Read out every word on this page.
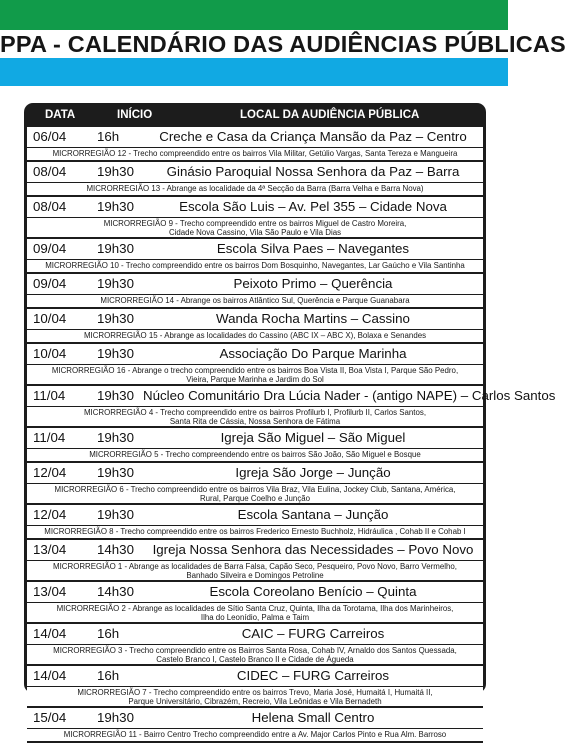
PPA - CALENDÁRIO DAS AUDIÊNCIAS PÚBLICAS
DATA	INÍCIO	LOCAL DA AUDIÊNCIA PÚBLICA
06/04	16h	Creche e Casa da Criança Mansão da Paz – Centro
MICRORREGIÃO 12 - Trecho compreendido entre os bairros Vila Militar, Getúlio Vargas, Santa Tereza e Mangueira
08/04	19h30	Ginásio Paroquial Nossa Senhora da Paz – Barra
MICRORREGIÃO 13 - Abrange as localidade da 4ª Secção da Barra (Barra Velha e Barra Nova)
08/04	19h30	Escola São Luis – Av. Pel 355 – Cidade Nova
MICRORREGIÃO 9 - Trecho compreendido entre os bairros Miguel de Castro Moreira,
Cidade Nova Cassino, Vila São Paulo e Vila Dias
09/04	19h30	Escola Silva Paes – Navegantes
MICRORREGIÃO 10 - Trecho compreendido entre os bairros Dom Bosquinho, Navegantes, Lar Gaúcho e Vila Santinha
09/04	19h30	Peixoto Primo – Querência
MICRORREGIÃO 14 - Abrange os bairros Atlântico Sul, Querência e Parque Guanabara
10/04	19h30	Wanda Rocha Martins – Cassino
MICRORREGIÃO 15 - Abrange as localidades do Cassino (ABC IX – ABC X), Bolaxa e Senandes
10/04	19h30	Associação Do Parque Marinha
MICRORREGIÃO 16 - Abrange o trecho compreendido entre os bairros Boa Vista II, Boa Vista I, Parque São Pedro,
Vieira, Parque Marinha e Jardim do Sol
11/04	19h30 Núcleo Comunitário Dra Lúcia Nader - (antigo NAPE) – Carlos Santos
MICRORREGIÃO 4 - Trecho compreendido entre os bairros Profilurb I, Profilurb II, Carlos Santos,
Santa Rita de Cássia, Nossa Senhora de Fátima
11/04	19h30	Igreja São Miguel – São Miguel
MICRORREGIÃO 5 - Trecho compreendendo entre os bairros São João, São Miguel e Bosque
12/04	19h30	Igreja São Jorge – Junção
MICRORREGIÃO 6 - Trecho compreendido entre os bairros Vila Braz, Vila Eulina, Jockey Club, Santana, América,
Rural, Parque Coelho e Junção
12/04	19h30	Escola Santana – Junção
MICRORREGIÃO 8 - Trecho compreendido entre os bairros Frederico Ernesto Buchholz, Hidráulica , Cohab II e Cohab I
13/04	14h30	Igreja Nossa Senhora das Necessidades – Povo Novo
MICRORREGIÃO 1 - Abrange as localidades de Barra Falsa, Capão Seco, Pesqueiro, Povo Novo, Barro Vermelho,
Banhado Silveira e Domingos Petroline
13/04	14h30	Escola Coreolano Benício – Quinta
MICRORREGIÃO 2 - Abrange as localidades de Sítio Santa Cruz, Quinta, Ilha da Torotama, Ilha dos Marinheiros,
Ilha do Leonídio, Palma e Taim
14/04	16h	CAIC – FURG Carreiros
MICRORREGIÃO 3 - Trecho compreendido entre os Bairros Santa Rosa, Cohab IV, Arnaldo dos Santos Quessada,
Castelo Branco I, Castelo Branco II e Cidade de Águeda
14/04	16h	CIDEC – FURG Carreiros
MICRORREGIÃO 7 - Trecho compreendido entre os bairros Trevo, Maria José, Humaitá I, Humaitá II,
Parque Universitário, Cibrazém, Recreio, Vila Leônidas e Vila Bernadeth
15/04	19h30	Helena Small Centro
MICRORREGIÃO 11 - Bairro Centro Trecho compreendido entre a Av. Major Carlos Pinto e Rua Alm. Barroso
